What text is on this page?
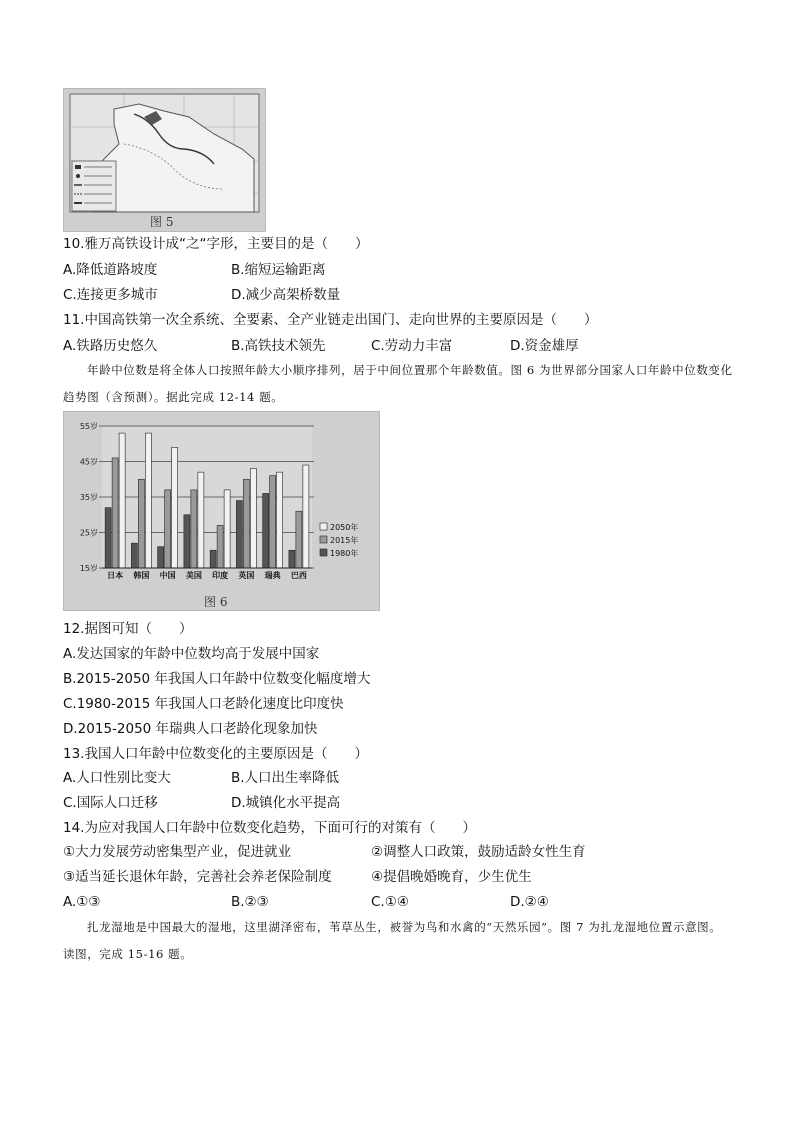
图 5
10.雅万高铁设计成“之“字形，主要目的是（　　）
A.降低道路坡度	B.缩短运输距离
C.连接更多城市	D.减少高架桥数量
11.中国高铁第一次全系统、全要素、全产业链走出国门、走向世界的主要原因是（　　）
A.铁路历史悠久	B.高铁技术领先	C.劳动力丰富	D.资金雄厚
年龄中位数是将全体人口按照年龄大小顺序排列，居于中间位置那个年龄数值。图 6 为世界部分国家人口年龄中位数变化趋势图（含预测）。据此完成 12-14 题。
15岁
25岁
35岁
45岁
55岁
日本 韩国 中国 美国 印度 英国 瑞典 巴西
2050年
2015年
1980年
图 6
12.据图可知（　　）
A.发达国家的年龄中位数均高于发展中国家
B.2015-2050 年我国人口年龄中位数变化幅度增大
C.1980-2015 年我国人口老龄化速度比印度快
D.2015-2050 年瑞典人口老龄化现象加快
13.我国人口年龄中位数变化的主要原因是（　　）
A.人口性别比变大	B.人口出生率降低
C.国际人口迁移	D.城镇化水平提高
14.为应对我国人口年龄中位数变化趋势，下面可行的对策有（　　）
①大力发展劳动密集型产业，促进就业	②调整人口政策，鼓励适龄女性生育
③适当延长退休年龄，完善社会养老保险制度	④提倡晚婚晚育，少生优生
A.①③	B.②③	C.①④	D.②④
扎龙湿地是中国最大的湿地，这里湖泽密布，苇草丛生，被誉为鸟和水禽的“天然乐园”。图 7 为扎龙湿地位置示意图。读图，完成 15-16 题。
